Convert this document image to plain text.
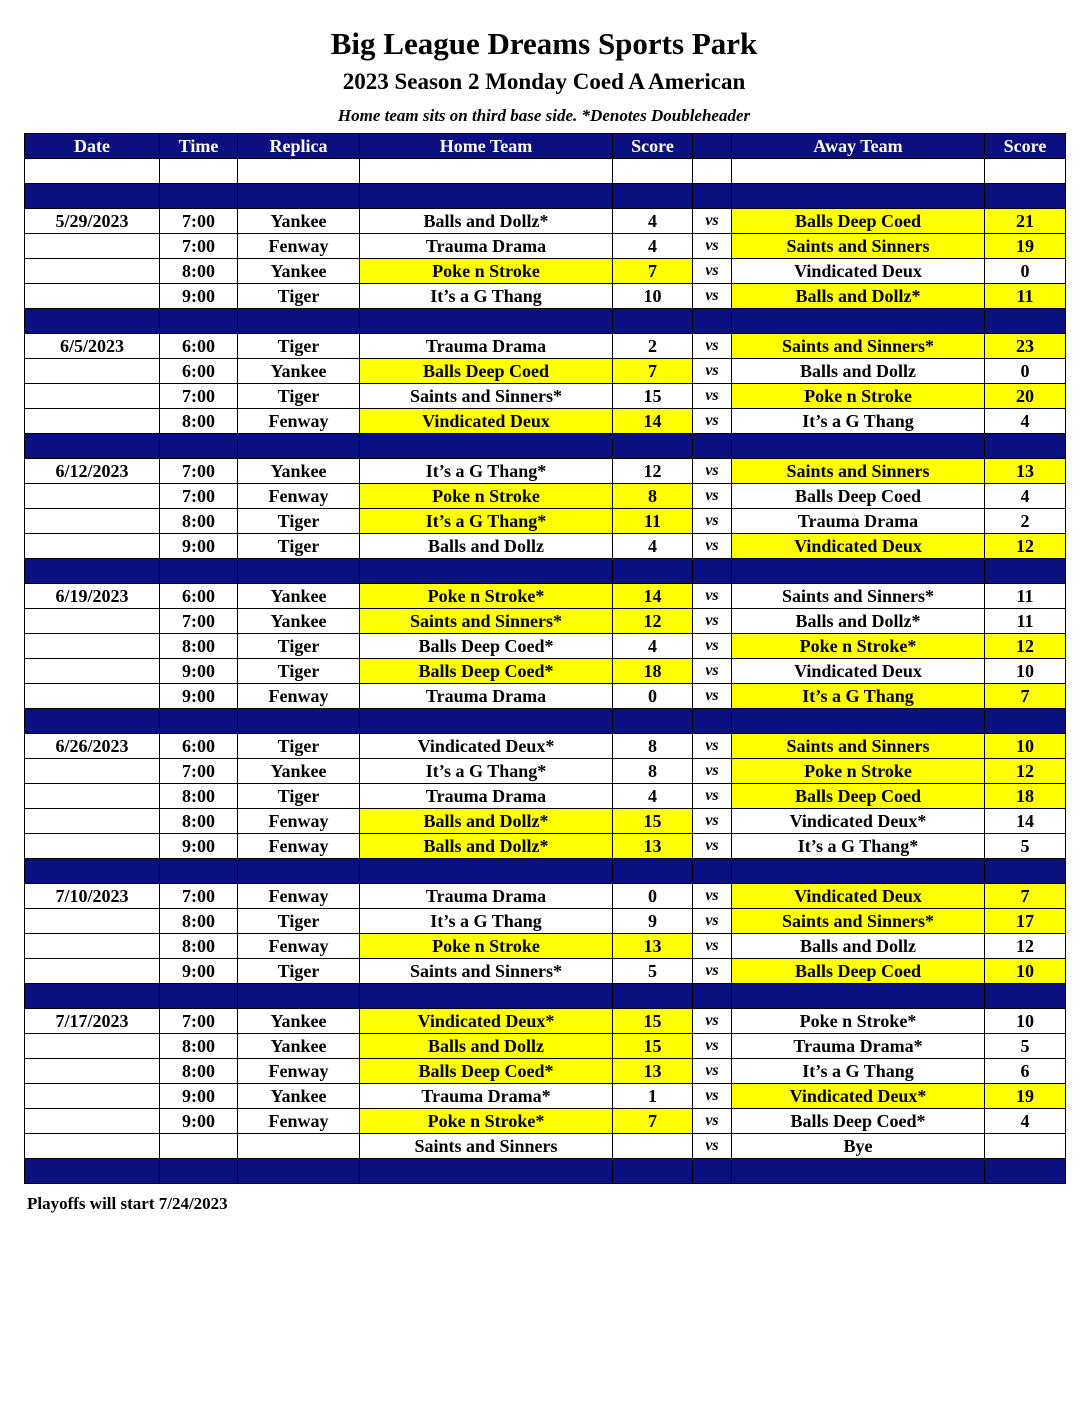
Big League Dreams Sports Park
2023 Season 2 Monday Coed A American
Home team sits on third base side. *Denotes Doubleheader
Date	Time	Replica	Home Team	Score		Away Team	Score

5/29/2023	7:00	Yankee	Balls and Dollz*	4	vs	Balls Deep Coed	21
	7:00	Fenway	Trauma Drama	4	vs	Saints and Sinners	19
	8:00	Yankee	Poke n Stroke	7	vs	Vindicated Deux	0
	9:00	Tiger	It’s a G Thang	10	vs	Balls and Dollz*	11

6/5/2023	6:00	Tiger	Trauma Drama	2	vs	Saints and Sinners*	23
	6:00	Yankee	Balls Deep Coed	7	vs	Balls and Dollz	0
	7:00	Tiger	Saints and Sinners*	15	vs	Poke n Stroke	20
	8:00	Fenway	Vindicated Deux	14	vs	It’s a G Thang	4

6/12/2023	7:00	Yankee	It’s a G Thang*	12	vs	Saints and Sinners	13
	7:00	Fenway	Poke n Stroke	8	vs	Balls Deep Coed	4
	8:00	Tiger	It’s a G Thang*	11	vs	Trauma Drama	2
	9:00	Tiger	Balls and Dollz	4	vs	Vindicated Deux	12

6/19/2023	6:00	Yankee	Poke n Stroke*	14	vs	Saints and Sinners*	11
	7:00	Yankee	Saints and Sinners*	12	vs	Balls and Dollz*	11
	8:00	Tiger	Balls Deep Coed*	4	vs	Poke n Stroke*	12
	9:00	Tiger	Balls Deep Coed*	18	vs	Vindicated Deux	10
	9:00	Fenway	Trauma Drama	0	vs	It’s a G Thang	7

6/26/2023	6:00	Tiger	Vindicated Deux*	8	vs	Saints and Sinners	10
	7:00	Yankee	It’s a G Thang*	8	vs	Poke n Stroke	12
	8:00	Tiger	Trauma Drama	4	vs	Balls Deep Coed	18
	8:00	Fenway	Balls and Dollz*	15	vs	Vindicated Deux*	14
	9:00	Fenway	Balls and Dollz*	13	vs	It’s a G Thang*	5

7/10/2023	7:00	Fenway	Trauma Drama	0	vs	Vindicated Deux	7
	8:00	Tiger	It’s a G Thang	9	vs	Saints and Sinners*	17
	8:00	Fenway	Poke n Stroke	13	vs	Balls and Dollz	12
	9:00	Tiger	Saints and Sinners*	5	vs	Balls Deep Coed	10

7/17/2023	7:00	Yankee	Vindicated Deux*	15	vs	Poke n Stroke*	10
	8:00	Yankee	Balls and Dollz	15	vs	Trauma Drama*	5
	8:00	Fenway	Balls Deep Coed*	13	vs	It’s a G Thang	6
	9:00	Yankee	Trauma Drama*	1	vs	Vindicated Deux*	19
	9:00	Fenway	Poke n Stroke*	7	vs	Balls Deep Coed*	4
			Saints and Sinners		vs	Bye	

Playoffs will start 7/24/2023
